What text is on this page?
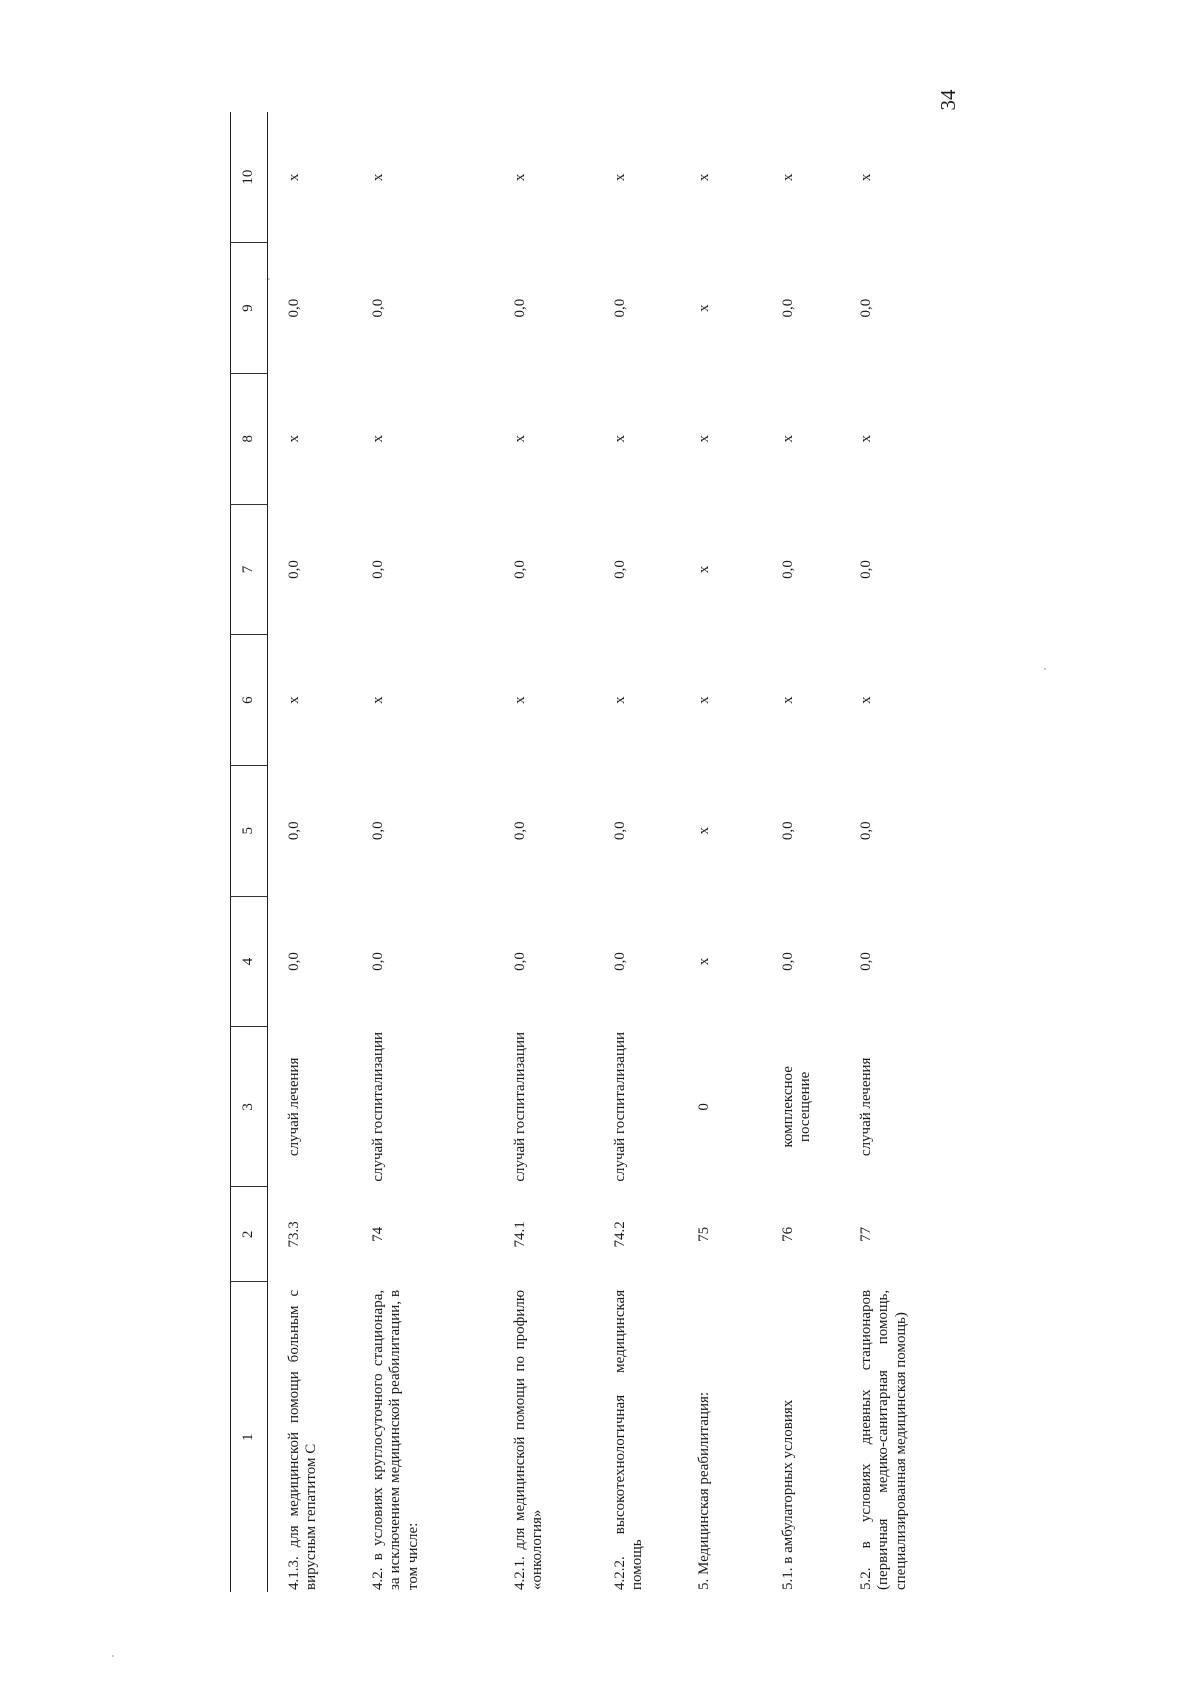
34
1	2	3	4	5	6	7	8	9	10
4.1.3. для медицинской помощи больным с вирусным гепатитом С	73.3	случай лечения	0,0	0,0	x	0,0	x	0,0	x
4.2. в условиях круглосуточного стационара, за исключением медицинской реабилитации, в том числе:	74	случай госпитализации	0,0	0,0	x	0,0	x	0,0	x
4.2.1. для медицинской помощи по профилю «онкология»	74.1	случай госпитализации	0,0	0,0	x	0,0	x	0,0	x
4.2.2. высокотехнологичная медицинская помощь	74.2	случай госпитализации	0,0	0,0	x	0,0	x	0,0	x
5. Медицинская реабилитация:	75	0	x	x	x	x	x	x	x
5.1. в амбулаторных условиях	76	комплексное посещение	0,0	0,0	x	0,0	x	0,0	x
5.2. в условиях дневных стационаров (первичная медико-санитарная помощь, специализированная медицинская помощь)	77	случай лечения	0,0	0,0	x	0,0	x	0,0	x
